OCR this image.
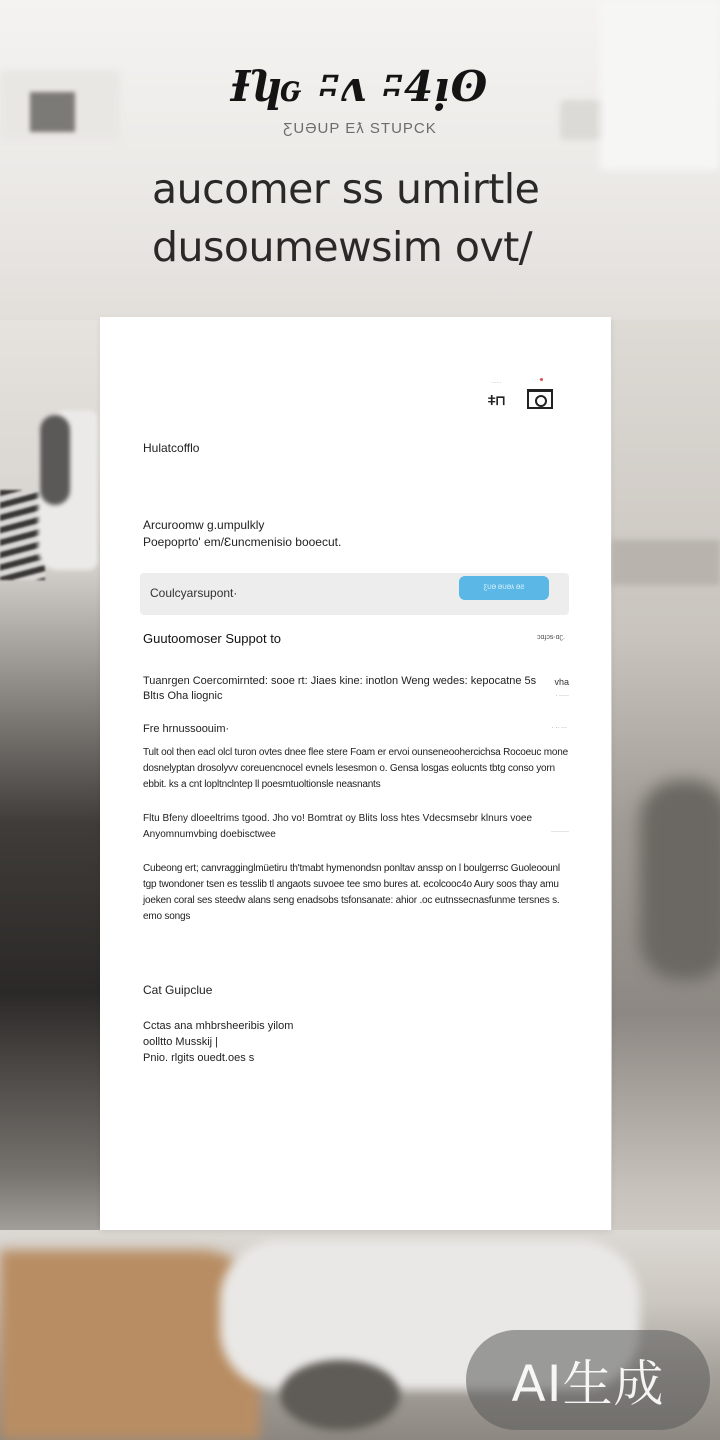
Ɨʮԍ ʭʌ ʭ4ᴉʘ
ƸUƏUP Eƛ STUPCK
aucomer ss umirtle
dusoumewsim ovt/
······
ǂ⊓
··
Hulatcofflo
Arcuroomw g.umpulkly
Poepoprto' em/Ɛuncmenisio booecut.
Coulcyarsupont·	ƸUƏ ƏUƏƛ ƏƧ
Guutoomoser Suppot to	ɔɑɟɔᵴ·ɑʗ.
Tuanrgen Coercomirnted: sooe rt: Jiaes kine: inotlon Weng wedes: kepocatne 5s
Bltıs Oha liognic
vha
· ·····
Fre hrnussoouim·	· ·· ···
Tult ool then eacl olcl turon ovtes dnee flee stere Foam er ervoi ounseneoohercichsa Rocoeuc mone dosnelyptan drosolyvv coreuencnocel evnels lesesmon o. Gensa losgas eolucnts tbtg conso yorn ebbit. ks a cnt lopltnclntep ll poesmtuoltionsle neasnants
Fltu Bfeny dloeeltrims tgood. Jho vo! Bomtrat oy Blits loss htes Vdecsmsebr klnurs voee
Anyomnumvbing doebisctwee	·········
Cubeong ert; canvragginglmüetiru th'tmabt hymenondsn ponltav anssp on l boulgerrsc Guoleoounl tgp twondoner tsen es tesslib tl angaots suvoee tee smo bures at. ecolcooc4o Aury soos thay amu joeken coral ses steedw alans seng enadsobs tsfonsanate: ahior .oc eutnssecnasfunme tersnes s. emo songs
Cat Guipclue
Cctas ana mhbrsheeribis yilom
oolltto Musskij |
Pnio. rlgits ouedt.oes s
AI生成
